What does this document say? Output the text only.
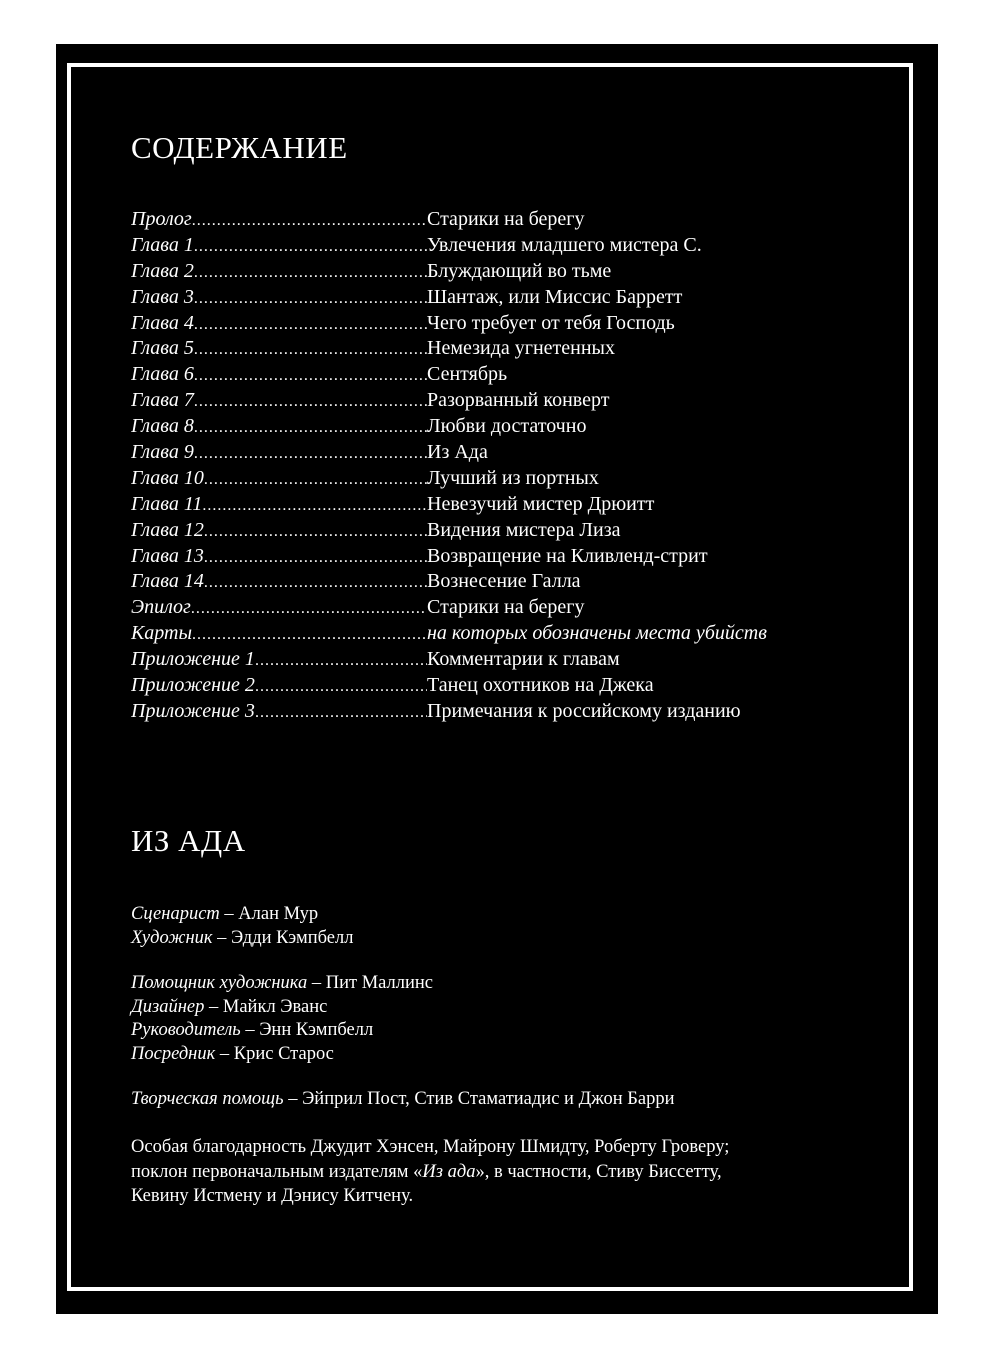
СОДЕРЖАНИЕ
Пролог .....	Старики на берегу
Глава 1 .....	Увлечения младшего мистера С.
Глава 2 .....	Блуждающий во тьме
Глава 3 .....	Шантаж, или Миссис Барретт
Глава 4 .....	Чего требует от тебя Господь
Глава 5 .....	Немезида угнетенных
Глава 6 .....	Сентябрь
Глава 7 .....	Разорванный конверт
Глава 8 .....	Любви достаточно
Глава 9 .....	Из Ада
Глава 10 .....	Лучший из портных
Глава 11 .....	Невезучий мистер Дрюитт
Глава 12 .....	Видения мистера Лиза
Глава 13 .....	Возвращение на Кливленд-стрит
Глава 14 .....	Вознесение Галла
Эпилог .....	Старики на берегу
Карты .....	на которых обозначены места убийств
Приложение 1 .....	Комментарии к главам
Приложение 2 .....	Танец охотников на Джека
Приложение 3 .....	Примечания к российскому изданию
ИЗ АДА
Сценарист – Алан Мур
Художник – Эдди Кэмпбелл
Помощник художника – Пит Маллинс
Дизайнер – Майкл Эванс
Руководитель – Энн Кэмпбелл
Посредник – Крис Старос
Творческая помощь – Эйприл Пост, Стив Стаматиадис и Джон Барри
Особая благодарность Джудит Хэнсен, Майрону Шмидту, Роберту Гроверу;
поклон первоначальным издателям «Из ада», в частности, Стиву Биссетту,
Кевину Истмену и Дэнису Китчену.
